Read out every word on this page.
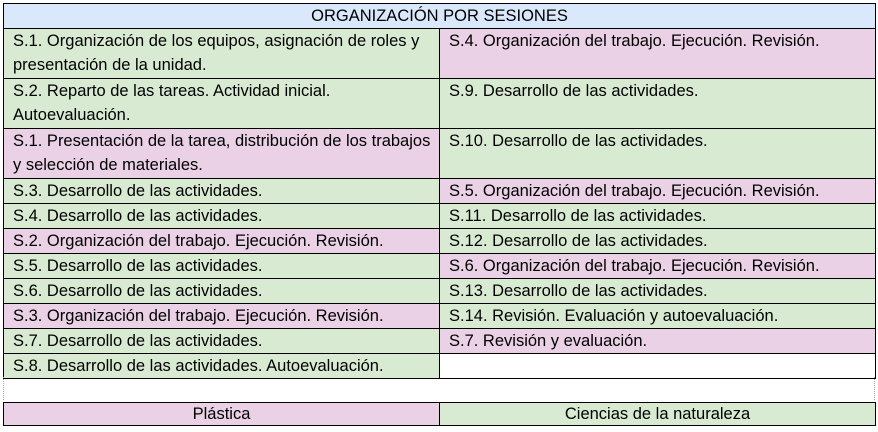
ORGANIZACIÓN POR SESIONES	
S.1. Organización de los equipos, asignación de roles y presentación de la unidad.	S.4. Organización del trabajo. Ejecución. Revisión.
S.2. Reparto de las tareas. Actividad inicial. Autoevaluación.	S.9. Desarrollo de las actividades.
S.1. Presentación de la tarea, distribución de los trabajos y selección de materiales.	S.10. Desarrollo de las actividades.
S.3. Desarrollo de las actividades.	S.5. Organización del trabajo. Ejecución. Revisión.
S.4. Desarrollo de las actividades.	S.11. Desarrollo de las actividades.
S.2. Organización del trabajo. Ejecución. Revisión.	S.12. Desarrollo de las actividades.
S.5. Desarrollo de las actividades.	S.6. Organización del trabajo. Ejecución. Revisión.
S.6. Desarrollo de las actividades.	S.13. Desarrollo de las actividades.
S.3. Organización del trabajo. Ejecución. Revisión.	S.14. Revisión. Evaluación y autoevaluación.
S.7. Desarrollo de las actividades.	S.7. Revisión y evaluación.
S.8. Desarrollo de las actividades. Autoevaluación.	
Plástica	Ciencias de la naturaleza
